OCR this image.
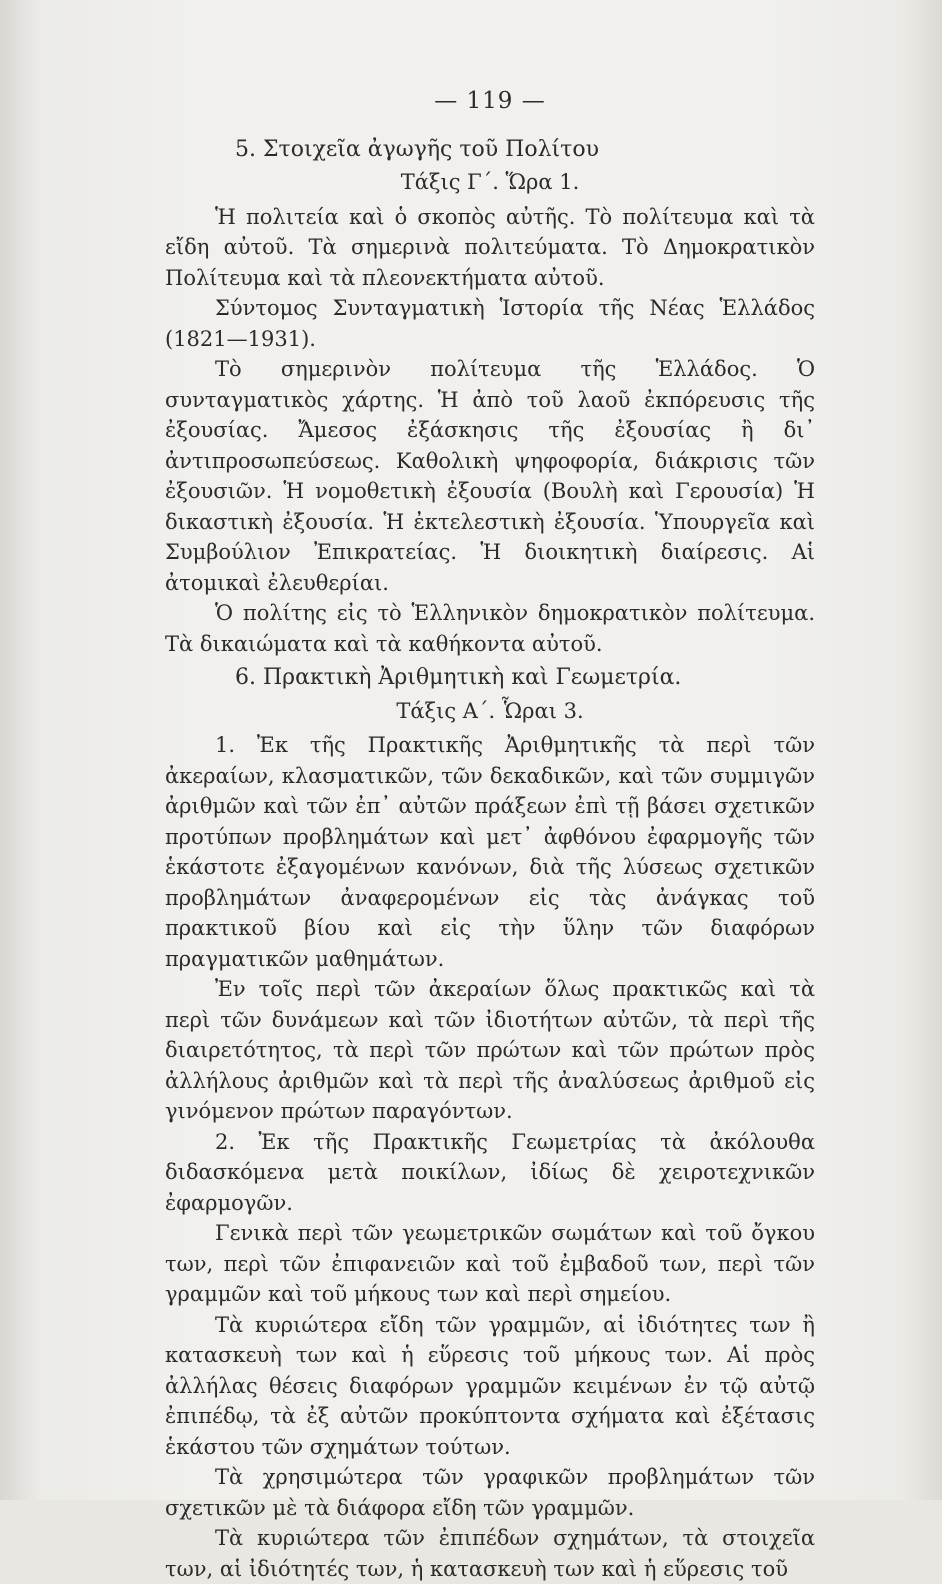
— 119 —
5. Στοιχεῖα ἀγωγῆς τοῦ Πολίτου
Τάξις Γ΄. Ὥρα 1.

Ἡ πολιτεία καὶ ὁ σκοπὸς αὐτῆς. Τὸ πολίτευμα καὶ τὰ εἴδη αὐτοῦ. Τὰ σημερινὰ πολιτεύματα. Τὸ Δημοκρατικὸν Πολίτευμα καὶ τὰ πλεονεκτήματα αὐτοῦ.

Σύντομος Συνταγματικὴ Ἱστορία τῆς Νέας Ἑλλάδος (1821—1931).

Τὸ σημερινὸν πολίτευμα τῆς Ἑλλάδος. Ὁ συνταγματικὸς χάρτης. Ἡ ἀπὸ τοῦ λαοῦ ἐκπόρευσις τῆς ἐξουσίας. Ἄμεσος ἐξάσκησις τῆς ἐξουσίας ἢ δι᾽ ἀντιπροσωπεύσεως. Καθολικὴ ψηφοφορία, διάκρισις τῶν ἐξουσιῶν. Ἡ νομοθετικὴ ἐξουσία (Βουλὴ καὶ Γερουσία) Ἡ δικαστικὴ ἐξουσία. Ἡ ἐκτελεστικὴ ἐξουσία. Ὑπουργεῖα καὶ Συμβούλιον Ἐπικρατείας. Ἡ διοικητικὴ διαίρεσις. Αἱ ἀτομικαὶ ἐλευθερίαι.

Ὁ πολίτης εἰς τὸ Ἑλληνικὸν δημοκρατικὸν πολίτευμα. Τὰ δικαιώματα καὶ τὰ καθήκοντα αὐτοῦ.

6. Πρακτικὴ Ἀριθμητικὴ καὶ Γεωμετρία.
Τάξις Α΄. Ὧραι 3.

1. Ἐκ τῆς Πρακτικῆς Ἀριθμητικῆς τὰ περὶ τῶν ἀκεραίων, κλασματικῶν, τῶν δεκαδικῶν, καὶ τῶν συμμιγῶν ἀριθμῶν καὶ τῶν ἐπ᾽ αὐτῶν πράξεων ἐπὶ τῇ βάσει σχετικῶν προτύπων προβλημάτων καὶ μετ᾽ ἀφθόνου ἐφαρμογῆς τῶν ἑκάστοτε ἐξαγομένων κανόνων, διὰ τῆς λύσεως σχετικῶν προβλημάτων ἀναφερομένων εἰς τὰς ἀνάγκας τοῦ πρακτικοῦ βίου καὶ εἰς τὴν ὕλην τῶν διαφόρων πραγματικῶν μαθημάτων.

Ἐν τοῖς περὶ τῶν ἀκεραίων ὅλως πρακτικῶς καὶ τὰ περὶ τῶν δυνάμεων καὶ τῶν ἰδιοτήτων αὐτῶν, τὰ περὶ τῆς διαιρετότητος, τὰ περὶ τῶν πρώτων καὶ τῶν πρώτων πρὸς ἀλλήλους ἀριθμῶν καὶ τὰ περὶ τῆς ἀναλύσεως ἀριθμοῦ εἰς γινόμενον πρώτων παραγόντων.

2. Ἐκ τῆς Πρακτικῆς Γεωμετρίας τὰ ἀκόλουθα διδασκόμενα μετὰ ποικίλων, ἰδίως δὲ χειροτεχνικῶν ἐφαρμογῶν.

Γενικὰ περὶ τῶν γεωμετρικῶν σωμάτων καὶ τοῦ ὄγκου των, περὶ τῶν ἐπιφανειῶν καὶ τοῦ ἐμβαδοῦ των, περὶ τῶν γραμμῶν καὶ τοῦ μήκους των καὶ περὶ σημείου.

Τὰ κυριώτερα εἴδη τῶν γραμμῶν, αἱ ἰδιότητες των ἢ κατασκευὴ των καὶ ἡ εὕρεσις τοῦ μήκους των. Αἱ πρὸς ἀλλήλας θέσεις διαφόρων γραμμῶν κειμένων ἐν τῷ αὐτῷ ἐπιπέδῳ, τὰ ἐξ αὐτῶν προκύπτοντα σχήματα καὶ ἐξέτασις ἑκάστου τῶν σχημάτων τούτων.

Τὰ χρησιμώτερα τῶν γραφικῶν προβλημάτων τῶν σχετικῶν μὲ τὰ διάφορα εἴδη τῶν γραμμῶν.

Τὰ κυριώτερα τῶν ἐπιπέδων σχημάτων, τὰ στοιχεῖα των, αἱ ἰδιότητές των, ἡ κατασκευὴ των καὶ ἡ εὕρεσις τοῦ
